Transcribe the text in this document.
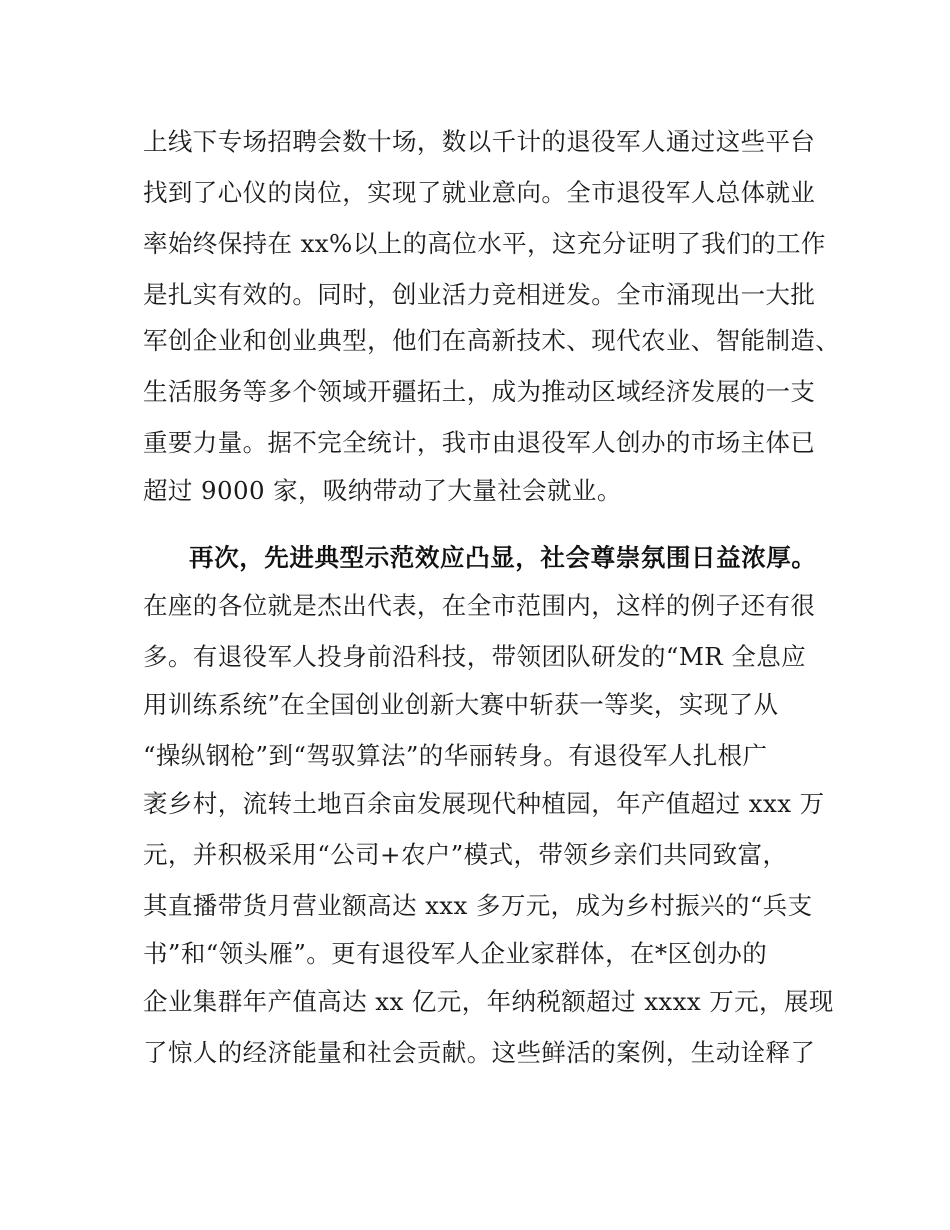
上线下专场招聘会数十场，数以千计的退役军人通过这些平台
找到了心仪的岗位，实现了就业意向。全市退役军人总体就业
率始终保持在 xx%以上的高位水平，这充分证明了我们的工作
是扎实有效的。同时，创业活力竞相迸发。全市涌现出一大批
军创企业和创业典型，他们在高新技术、现代农业、智能制造、
生活服务等多个领域开疆拓土，成为推动区域经济发展的一支
重要力量。据不完全统计，我市由退役军人创办的市场主体已
超过 9000 家，吸纳带动了大量社会就业。
再次，先进典型示范效应凸显，社会尊崇氛围日益浓厚。
在座的各位就是杰出代表，在全市范围内，这样的例子还有很
多。有退役军人投身前沿科技，带领团队研发的“MR 全息应
用训练系统”在全国创业创新大赛中斩获一等奖，实现了从
“操纵钢枪”到“驾驭算法”的华丽转身。有退役军人扎根广
袤乡村，流转土地百余亩发展现代种植园，年产值超过 xxx 万
元，并积极采用“公司+农户”模式，带领乡亲们共同致富，
其直播带货月营业额高达 xxx 多万元，成为乡村振兴的“兵支
书”和“领头雁”。更有退役军人企业家群体，在*区创办的
企业集群年产值高达 xx 亿元，年纳税额超过 xxxx 万元，展现
了惊人的经济能量和社会贡献。这些鲜活的案例，生动诠释了
